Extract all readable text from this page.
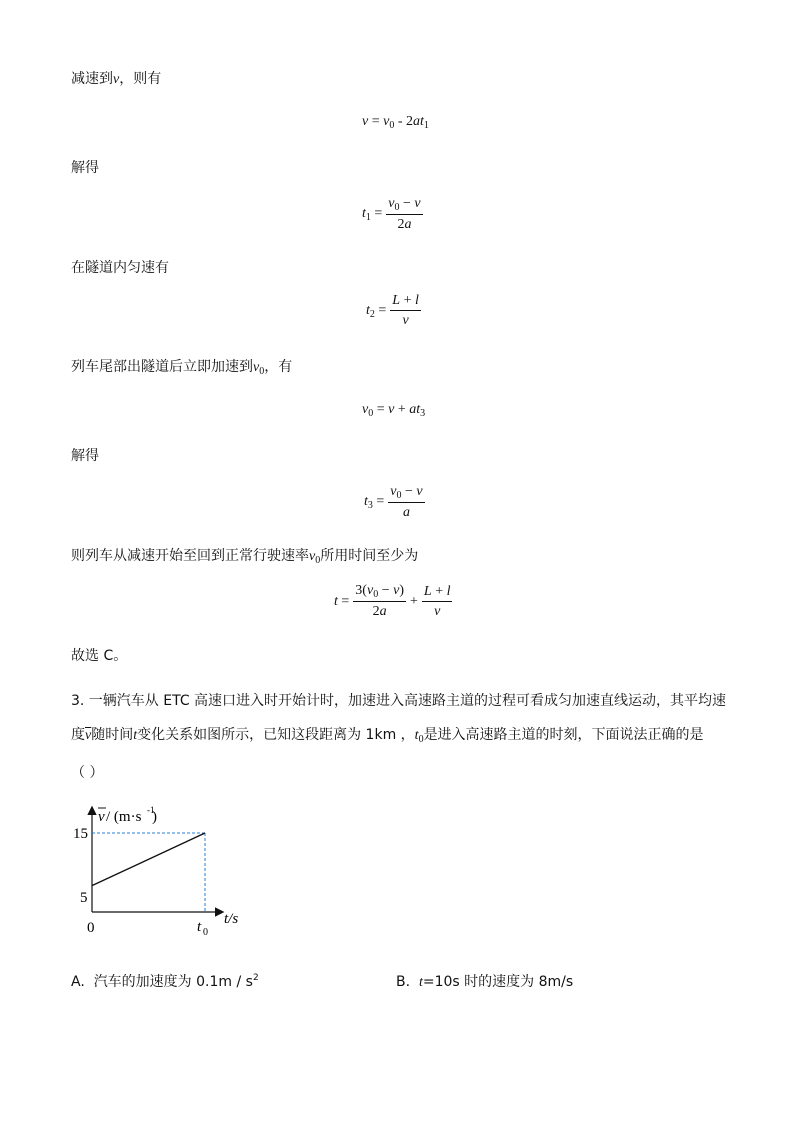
减速到v，则有
$v = v_0 - 2at_1$
解得
$t_1 = \frac{v_0 - v}{2a}$
在隧道内匀速有
$t_2 = \frac{L + l}{v}$
列车尾部出隧道后立即加速到$v_0$，有
$v_0 = v + at_3$
解得
$t_3 = \frac{v_0 - v}{a}$
则列车从减速开始至回到正常行驶速率$v_0$所用时间至少为
$t = \frac{3(v_0 - v)}{2a} + \frac{L + l}{v}$
故选 C。
3. 一辆汽车从 ETC 高速口进入时开始计时，加速进入高速路主道的过程可看成匀加速直线运动，其平均速
度$\overline{v}$随时间t变化关系如图所示，已知这段距离为 1km ，$t_0$是进入高速路主道的时刻，下面说法正确的是
（ ）
v / (m·s -1
)
15
5
0	t 0
t/s
A. 汽车的加速度为 $0.1m / s^2$	B. t=10s 时的速度为 8m/s
